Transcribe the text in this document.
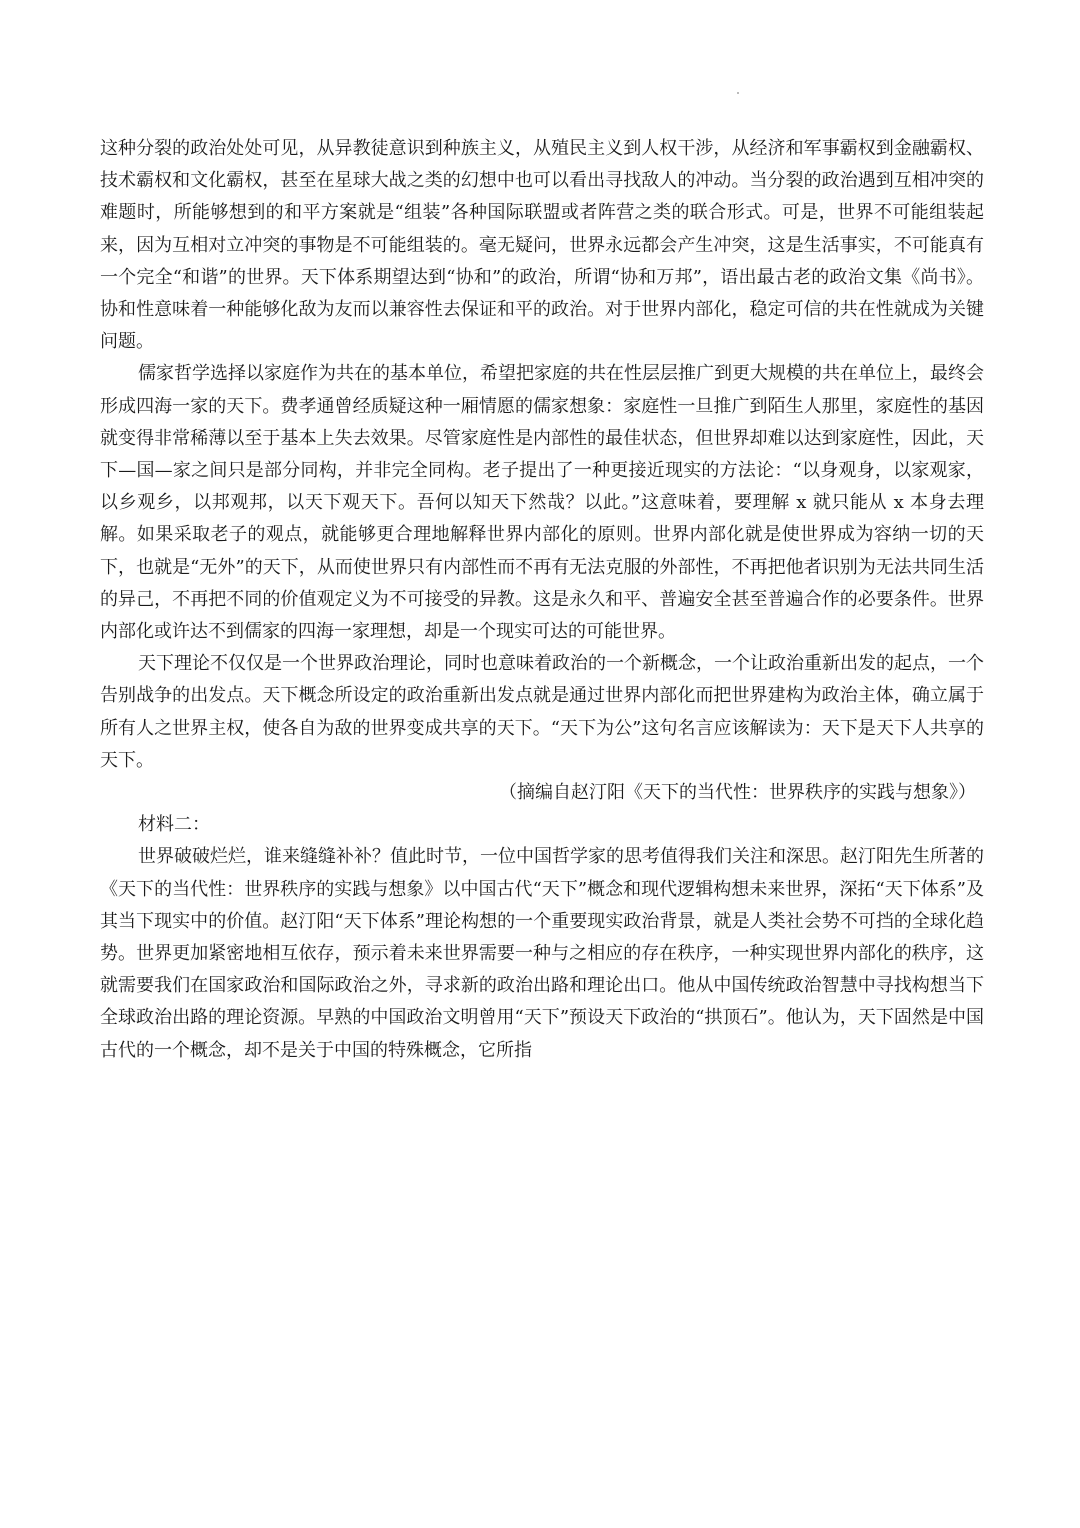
这种分裂的政治处处可见，从异教徒意识到种族主义，从殖民主义到人权干涉，从经济和军事霸权到金融霸权、技术霸权和文化霸权，甚至在星球大战之类的幻想中也可以看出寻找敌人的冲动。当分裂的政治遇到互相冲突的难题时，所能够想到的和平方案就是“组装”各种国际联盟或者阵营之类的联合形式。可是，世界不可能组装起来，因为互相对立冲突的事物是不可能组装的。毫无疑问，世界永远都会产生冲突，这是生活事实，不可能真有一个完全“和谐”的世界。天下体系期望达到“协和”的政治，所谓“协和万邦”，语出最古老的政治文集《尚书》。协和性意味着一种能够化敌为友而以兼容性去保证和平的政治。对于世界内部化，稳定可信的共在性就成为关键问题。

儒家哲学选择以家庭作为共在的基本单位，希望把家庭的共在性层层推广到更大规模的共在单位上，最终会形成四海一家的天下。费孝通曾经质疑这种一厢情愿的儒家想象：家庭性一旦推广到陌生人那里，家庭性的基因就变得非常稀薄以至于基本上失去效果。尽管家庭性是内部性的最佳状态，但世界却难以达到家庭性，因此，天下—国—家之间只是部分同构，并非完全同构。老子提出了一种更接近现实的方法论：“以身观身，以家观家，以乡观乡，以邦观邦，以天下观天下。吾何以知天下然哉？以此。”这意味着，要理解 x 就只能从 x 本身去理解。如果采取老子的观点，就能够更合理地解释世界内部化的原则。世界内部化就是使世界成为容纳一切的天下，也就是“无外”的天下，从而使世界只有内部性而不再有无法克服的外部性，不再把他者识别为无法共同生活的异己，不再把不同的价值观定义为不可接受的异教。这是永久和平、普遍安全甚至普遍合作的必要条件。世界内部化或许达不到儒家的四海一家理想，却是一个现实可达的可能世界。

天下理论不仅仅是一个世界政治理论，同时也意味着政治的一个新概念，一个让政治重新出发的起点，一个告别战争的出发点。天下概念所设定的政治重新出发点就是通过世界内部化而把世界建构为政治主体，确立属于所有人之世界主权，使各自为敌的世界变成共享的天下。“天下为公”这句名言应该解读为：天下是天下人共享的天下。

（摘编自赵汀阳《天下的当代性：世界秩序的实践与想象》）

材料二：

世界破破烂烂，谁来缝缝补补？值此时节，一位中国哲学家的思考值得我们关注和深思。赵汀阳先生所著的《天下的当代性：世界秩序的实践与想象》以中国古代“天下”概念和现代逻辑构想未来世界，深拓“天下体系”及其当下现实中的价值。赵汀阳“天下体系”理论构想的一个重要现实政治背景，就是人类社会势不可挡的全球化趋势。世界更加紧密地相互依存，预示着未来世界需要一种与之相应的存在秩序，一种实现世界内部化的秩序，这就需要我们在国家政治和国际政治之外，寻求新的政治出路和理论出口。他从中国传统政治智慧中寻找构想当下全球政治出路的理论资源。早熟的中国政治文明曾用“天下”预设天下政治的“拱顶石”。他认为，天下固然是中国古代的一个概念，却不是关于中国的特殊概念，它所指
